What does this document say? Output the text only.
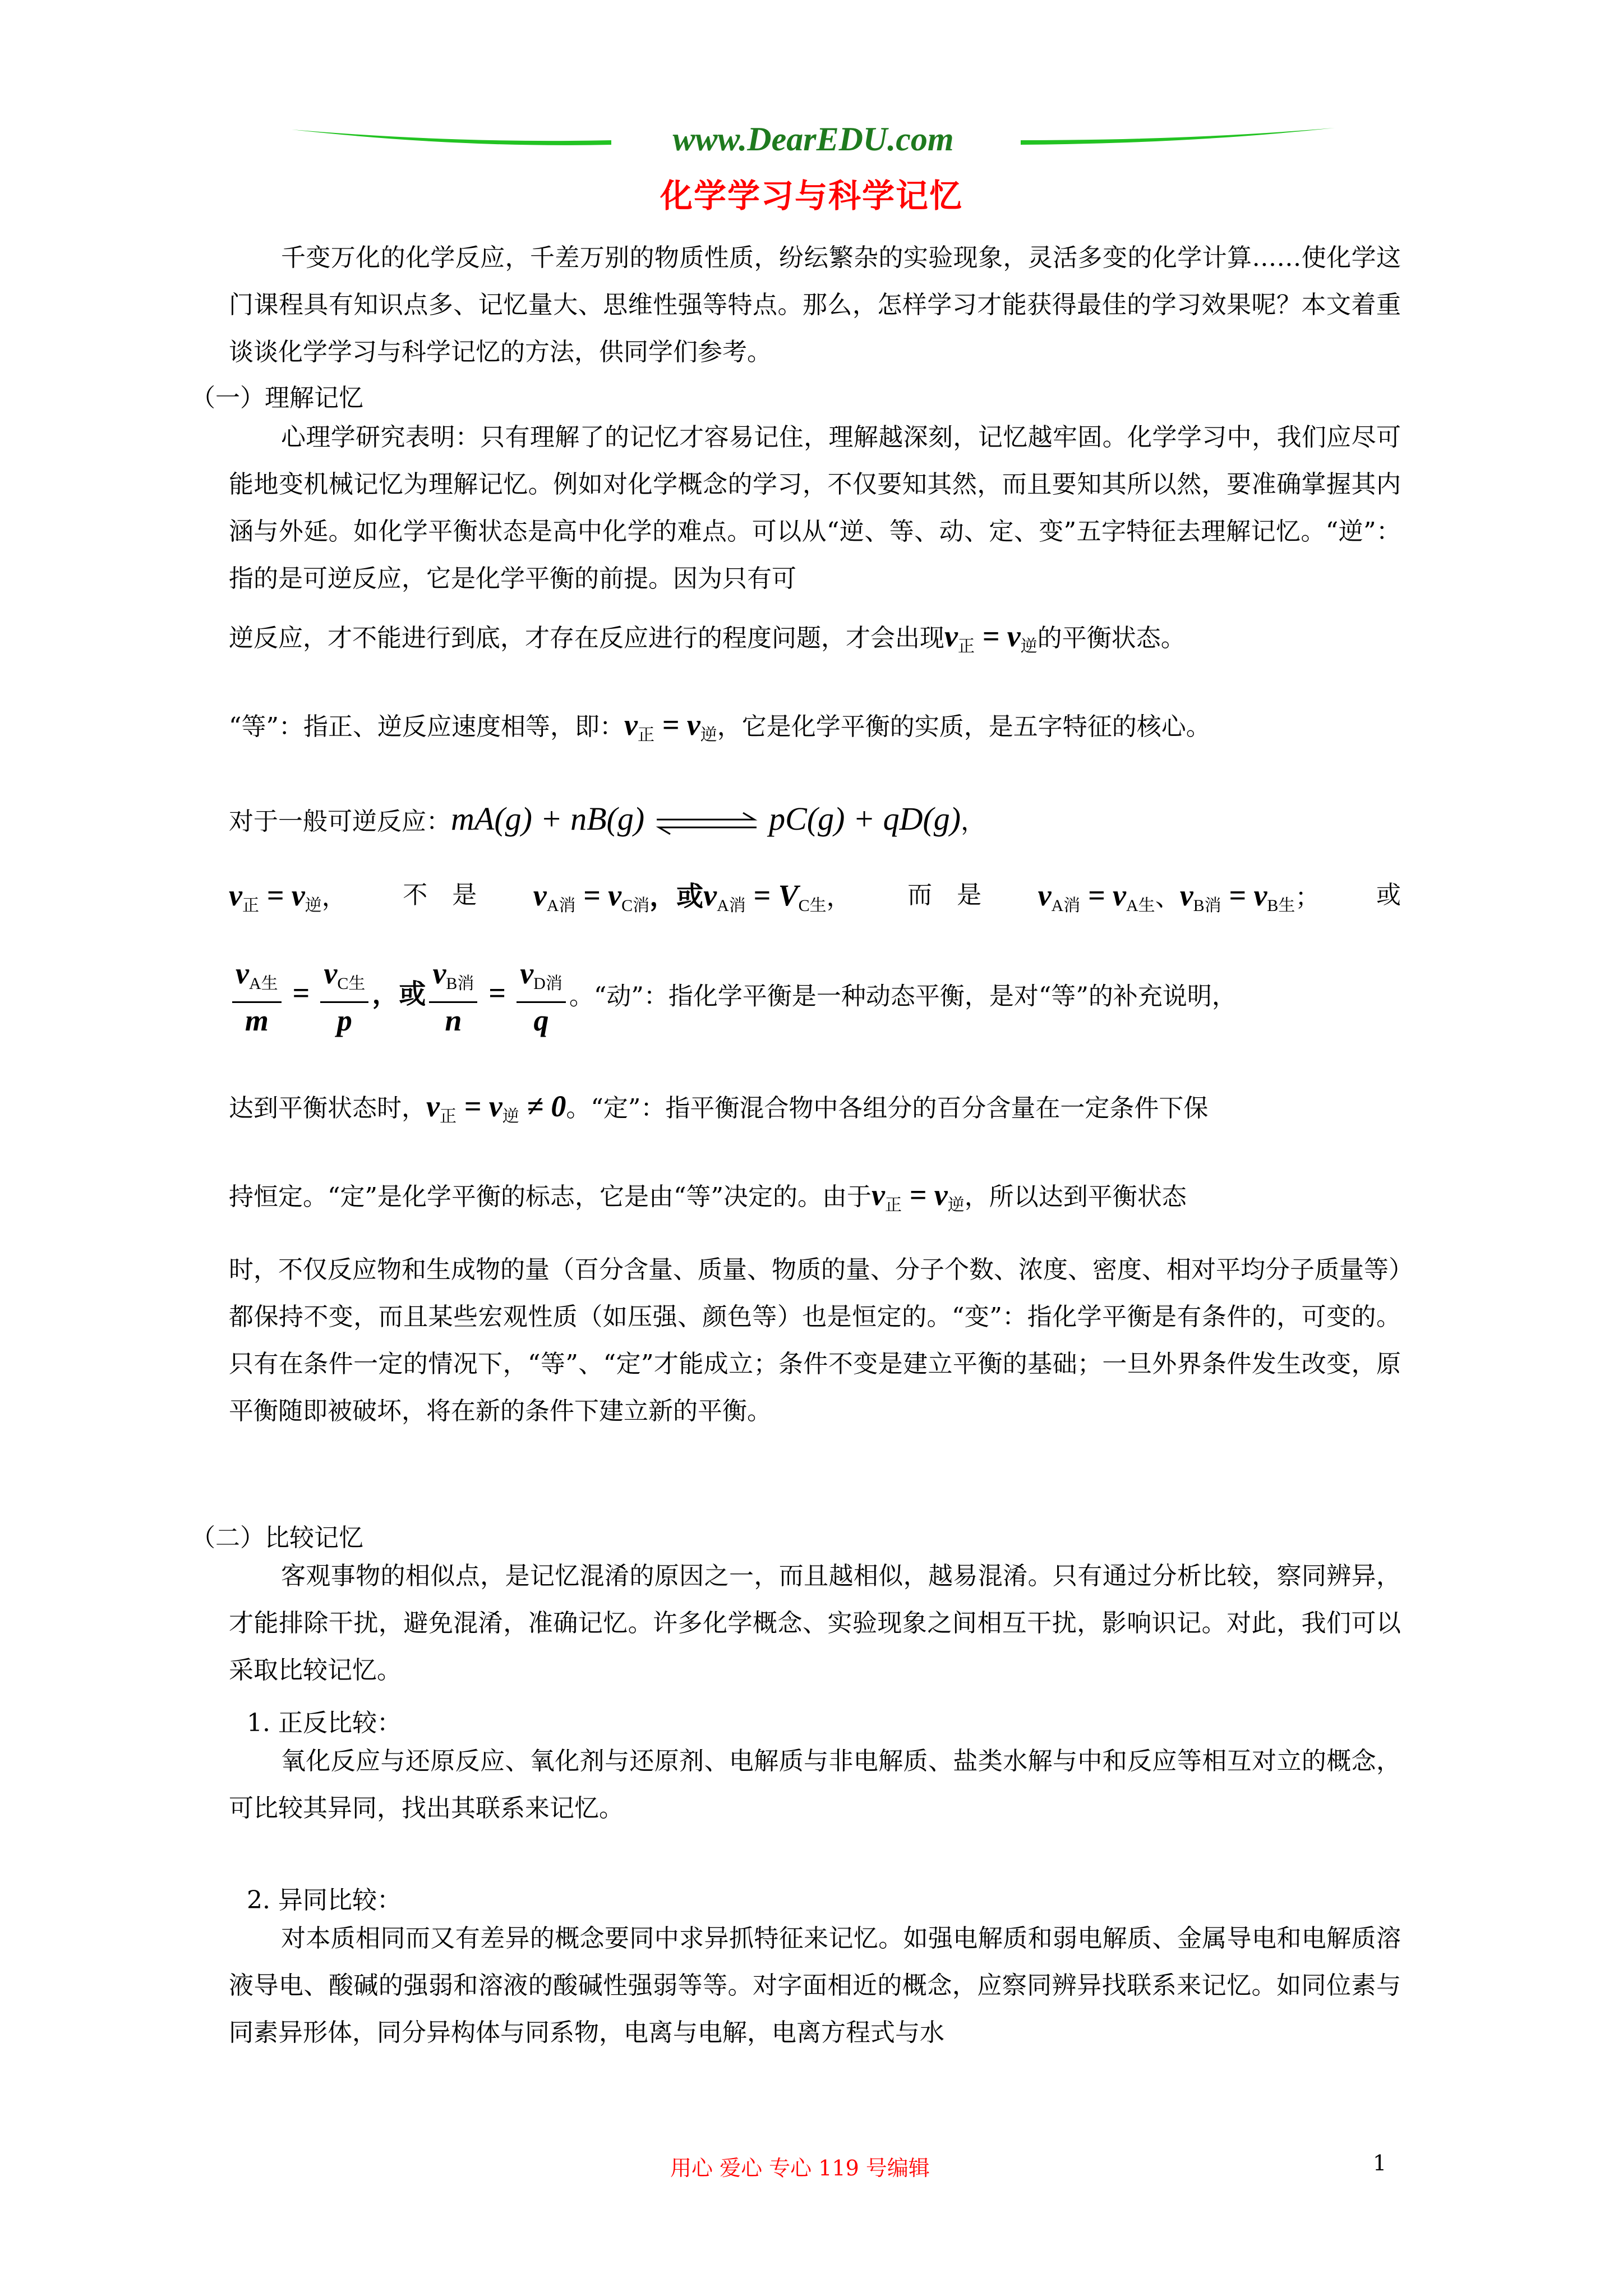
www.DearEDU.com
化学学习与科学记忆
千变万化的化学反应，千差万别的物质性质，纷纭繁杂的实验现象，灵活多变的化学计算……使化学这门课程具有知识点多、记忆量大、思维性强等特点。那么，怎样学习才能获得最佳的学习效果呢？本文着重谈谈化学学习与科学记忆的方法，供同学们参考。
（一）理解记忆
心理学研究表明：只有理解了的记忆才容易记住，理解越深刻，记忆越牢固。化学学习中，我们应尽可能地变机械记忆为理解记忆。例如对化学概念的学习，不仅要知其然，而且要知其所以然，要准确掌握其内涵与外延。如化学平衡状态是高中化学的难点。可以从“逆、等、动、定、变”五字特征去理解记忆。“逆”：指的是可逆反应，它是化学平衡的前提。因为只有可
逆反应，才不能进行到底，才存在反应进行的程度问题，才会出现$v_正 = v_逆$的平衡状态。
“等”：指正、逆反应速度相等，即：$v_正 = v_逆$，它是化学平衡的实质，是五字特征的核心。
对于一般可逆反应：mA(g) + nB(g)	pC(g) + qD(g)，
$v_正 = v_逆$， 不　是 $v_{A消} = v_{C消}$，或$v_{A消} = V_{C生}$， 而　是 $v_{A消} = v_{A生}$、$v_{B消} = v_{B生}$； 或
$\frac{v_{A生}}{m} = \frac{v_{C生}}{p}$ ，或 $\frac{v_{B消}}{n} = \frac{v_{D消}}{q}$ 。“动”：指化学平衡是一种动态平衡，是对“等”的补充说明，
达到平衡状态时，$v_正 = v_逆 \ne 0$。“定”：指平衡混合物中各组分的百分含量在一定条件下保
持恒定。“定”是化学平衡的标志，它是由“等”决定的。由于$v_正 = v_逆$，所以达到平衡状态
时，不仅反应物和生成物的量（百分含量、质量、物质的量、分子个数、浓度、密度、相对平均分子质量等）都保持不变，而且某些宏观性质（如压强、颜色等）也是恒定的。“变”：指化学平衡是有条件的，可变的。只有在条件一定的情况下，“等”、“定”才能成立；条件不变是建立平衡的基础；一旦外界条件发生改变，原平衡随即被破坏，将在新的条件下建立新的平衡。
（二）比较记忆
客观事物的相似点，是记忆混淆的原因之一，而且越相似，越易混淆。只有通过分析比较，察同辨异，才能排除干扰，避免混淆，准确记忆。许多化学概念、实验现象之间相互干扰，影响识记。对此，我们可以采取比较记忆。
1. 正反比较：
氧化反应与还原反应、氧化剂与还原剂、电解质与非电解质、盐类水解与中和反应等相互对立的概念，可比较其异同，找出其联系来记忆。
2. 异同比较：
对本质相同而又有差异的概念要同中求异抓特征来记忆。如强电解质和弱电解质、金属导电和电解质溶液导电、酸碱的强弱和溶液的酸碱性强弱等等。对字面相近的概念，应察同辨异找联系来记忆。如同位素与同素异形体，同分异构体与同系物，电离与电解，电离方程式与水
用心 爱心 专心 119 号编辑	1
